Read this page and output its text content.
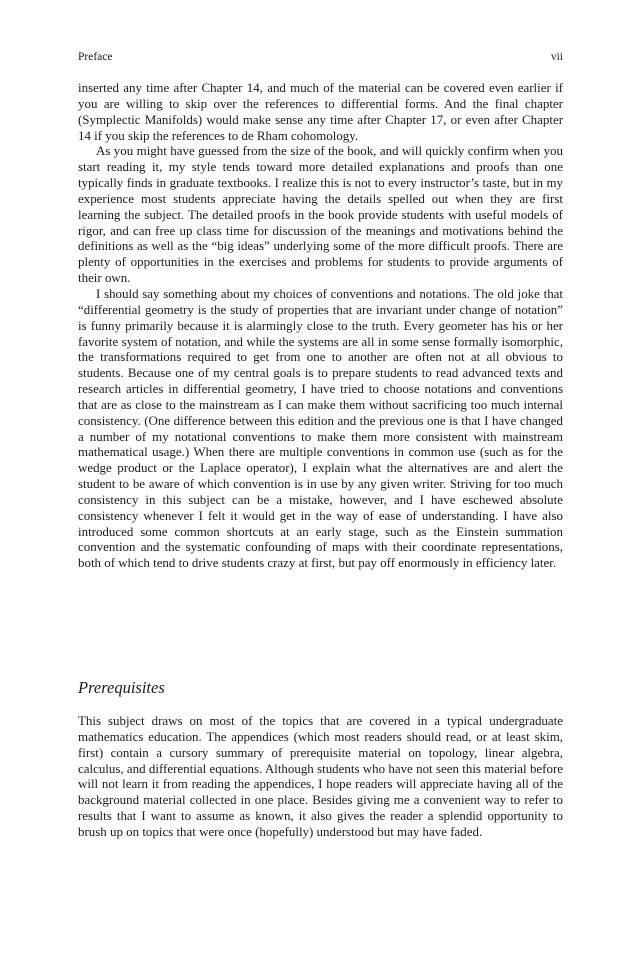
Preface	vii

inserted any time after Chapter 14, and much of the material can be covered even earlier if you are willing to skip over the references to differential forms. And the final chapter (Symplectic Manifolds) would make sense any time after Chapter 17, or even after Chapter 14 if you skip the references to de Rham cohomology.

As you might have guessed from the size of the book, and will quickly confirm when you start reading it, my style tends toward more detailed explanations and proofs than one typically finds in graduate textbooks. I realize this is not to every instructor’s taste, but in my experience most students appreciate having the details spelled out when they are first learning the subject. The detailed proofs in the book provide students with useful models of rigor, and can free up class time for discussion of the meanings and motivations behind the definitions as well as the “big ideas” underlying some of the more difficult proofs. There are plenty of opportunities in the exercises and problems for students to provide arguments of their own.

I should say something about my choices of conventions and notations. The old joke that “differential geometry is the study of properties that are invariant under change of notation” is funny primarily because it is alarmingly close to the truth. Every geometer has his or her favorite system of notation, and while the systems are all in some sense formally isomorphic, the transformations required to get from one to another are often not at all obvious to students. Because one of my central goals is to prepare students to read advanced texts and research articles in differential geometry, I have tried to choose notations and conventions that are as close to the mainstream as I can make them without sacrificing too much internal consistency. (One difference between this edition and the previous one is that I have changed a number of my notational conventions to make them more consistent with mainstream mathematical usage.) When there are multiple conventions in common use (such as for the wedge product or the Laplace operator), I explain what the alternatives are and alert the student to be aware of which convention is in use by any given writer. Striving for too much consistency in this subject can be a mistake, however, and I have eschewed absolute consistency whenever I felt it would get in the way of ease of understanding. I have also introduced some common shortcuts at an early stage, such as the Einstein summation convention and the systematic confounding of maps with their coordinate representations, both of which tend to drive students crazy at first, but pay off enormously in efficiency later.

Prerequisites

This subject draws on most of the topics that are covered in a typical undergraduate mathematics education. The appendices (which most readers should read, or at least skim, first) contain a cursory summary of prerequisite material on topology, linear algebra, calculus, and differential equations. Although students who have not seen this material before will not learn it from reading the appendices, I hope readers will appreciate having all of the background material collected in one place. Besides giving me a convenient way to refer to results that I want to assume as known, it also gives the reader a splendid opportunity to brush up on topics that were once (hopefully) understood but may have faded.
